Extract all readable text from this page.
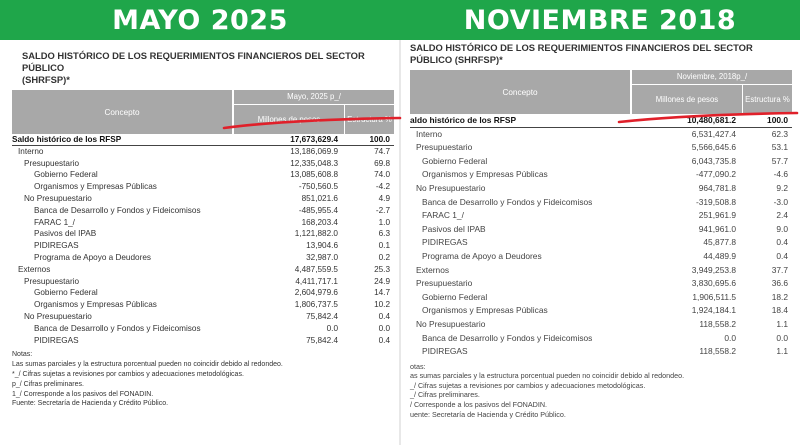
MAYO 2025	NOVIEMBRE 2018
SALDO HISTÓRICO DE LOS REQUERIMIENTOS FINANCIEROS DEL SECTOR PÚBLICO
(SHRFSP)*
Concepto
Mayo, 2025 p_/
Millones de pesos	Estructura %
Saldo histórico de los RFSP	17,673,629.4	100.0
Interno	13,186,069.9	74.7
Presupuestario	12,335,048.3	69.8
Gobierno Federal	13,085,608.8	74.0
Organismos y Empresas Públicas	-750,560.5	-4.2
No Presupuestario	851,021.6	4.9
Banca de Desarrollo y Fondos y Fideicomisos	-485,955.4	-2.7
FARAC 1_/	168,203.4	1.0
Pasivos del IPAB	1,121,882.0	6.3
PIDIREGAS	13,904.6	0.1
Programa de Apoyo a Deudores	32,987.0	0.2
Externos	4,487,559.5	25.3
Presupuestario	4,411,717.1	24.9
Gobierno Federal	2,604,979.6	14.7
Organismos y Empresas Públicas	1,806,737.5	10.2
No Presupuestario	75,842.4	0.4
Banca de Desarrollo y Fondos y Fideicomisos	0.0	0.0
PIDIREGAS	75,842.4	0.4
Notas:
Las sumas parciales y la estructura porcentual pueden no coincidir debido al redondeo.
*_/ Cifras sujetas a revisiones por cambios y adecuaciones metodológicas.
p_/ Cifras preliminares.
1_/ Corresponde a los pasivos del FONADIN.
Fuente: Secretaría de Hacienda y Crédito Público.
SALDO HISTÓRICO DE LOS REQUERIMIENTOS FINANCIEROS DEL SECTOR
PÚBLICO (SHRFSP)*
Concepto
Noviembre, 2018p_/
Millones de pesos	Estructura %
aldo histórico de los RFSP	10,480,681.2	100.0
Interno	6,531,427.4	62.3
Presupuestario	5,566,645.6	53.1
Gobierno Federal	6,043,735.8	57.7
Organismos y Empresas Públicas	-477,090.2	-4.6
No Presupuestario	964,781.8	9.2
Banca de Desarrollo y Fondos y Fideicomisos	-319,508.8	-3.0
FARAC 1_/	251,961.9	2.4
Pasivos del IPAB	941,961.0	9.0
PIDIREGAS	45,877.8	0.4
Programa de Apoyo a Deudores	44,489.9	0.4
Externos	3,949,253.8	37.7
Presupuestario	3,830,695.6	36.6
Gobierno Federal	1,906,511.5	18.2
Organismos y Empresas Públicas	1,924,184.1	18.4
No Presupuestario	118,558.2	1.1
Banca de Desarrollo y Fondos y Fideicomisos	0.0	0.0
PIDIREGAS	118,558.2	1.1
otas:
as sumas parciales y la estructura porcentual pueden no coincidir debido al redondeo.
_/ Cifras sujetas a revisiones por cambios y adecuaciones metodológicas.
_/ Cifras preliminares.
/ Corresponde a los pasivos del FONADIN.
uente: Secretaría de Hacienda y Crédito Público.
